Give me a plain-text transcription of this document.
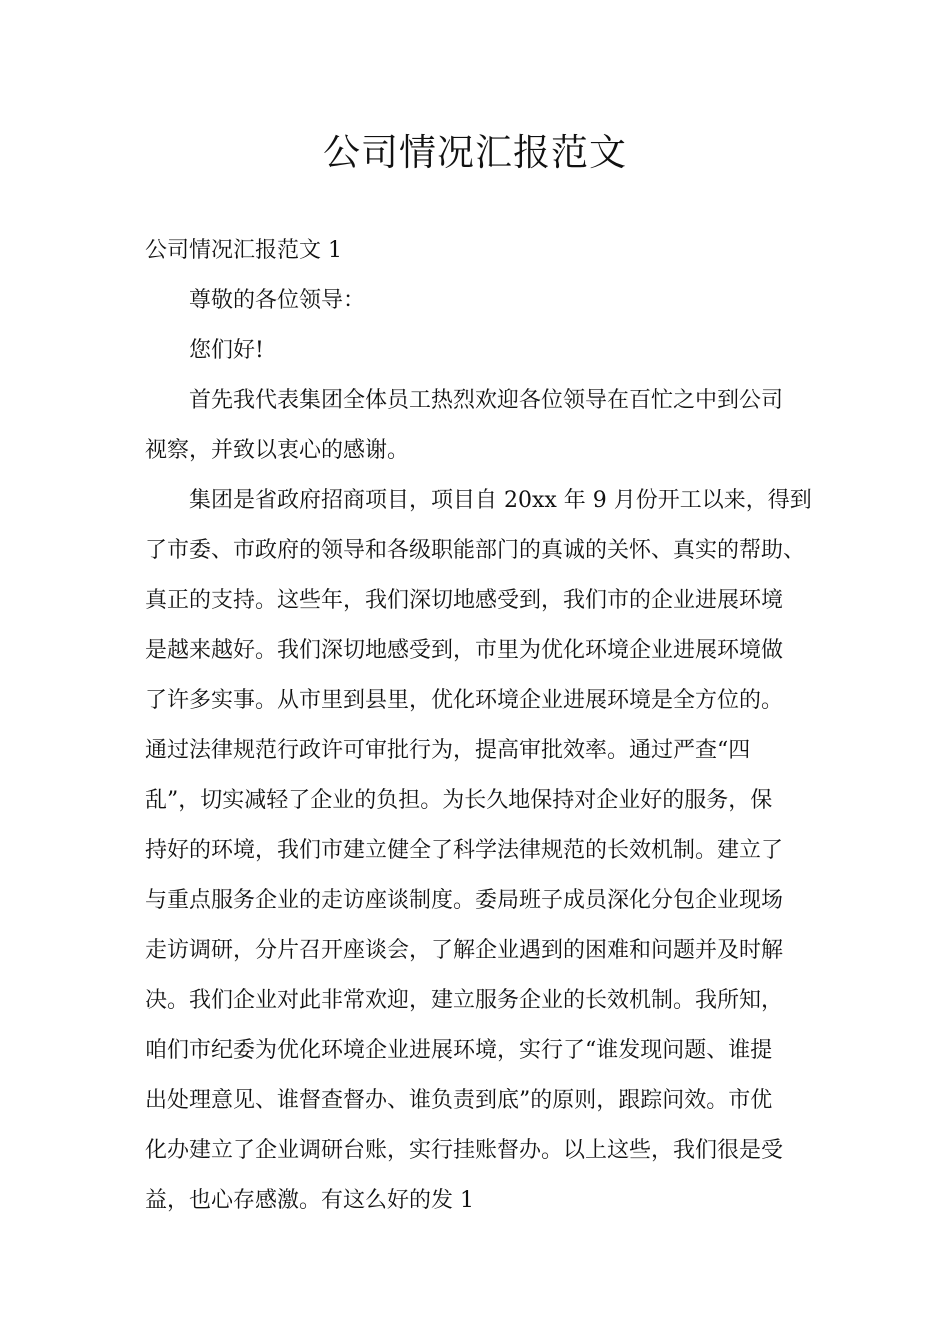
公司情况汇报范文
公司情况汇报范文 1
尊敬的各位领导：
您们好!
首先我代表集团全体员工热烈欢迎各位领导在百忙之中到公司
视察，并致以衷心的感谢。
集团是省政府招商项目，项目自 20xx 年 9 月份开工以来，得到
了市委、市政府的领导和各级职能部门的真诚的关怀、真实的帮助、
真正的支持。这些年，我们深切地感受到，我们市的企业进展环境
是越来越好。我们深切地感受到，市里为优化环境企业进展环境做
了许多实事。从市里到县里，优化环境企业进展环境是全方位的。
通过法律规范行政许可审批行为，提高审批效率。通过严查“四
乱”，切实减轻了企业的负担。为长久地保持对企业好的服务，保
持好的环境，我们市建立健全了科学法律规范的长效机制。建立了
与重点服务企业的走访座谈制度。委局班子成员深化分包企业现场
走访调研，分片召开座谈会，了解企业遇到的困难和问题并及时解
决。我们企业对此非常欢迎，建立服务企业的长效机制。我所知，
咱们市纪委为优化环境企业进展环境，实行了“谁发现问题、谁提
出处理意见、谁督查督办、谁负责到底”的原则，跟踪问效。市优
化办建立了企业调研台账，实行挂账督办。以上这些，我们很是受
益，也心存感激。有这么好的发 1
